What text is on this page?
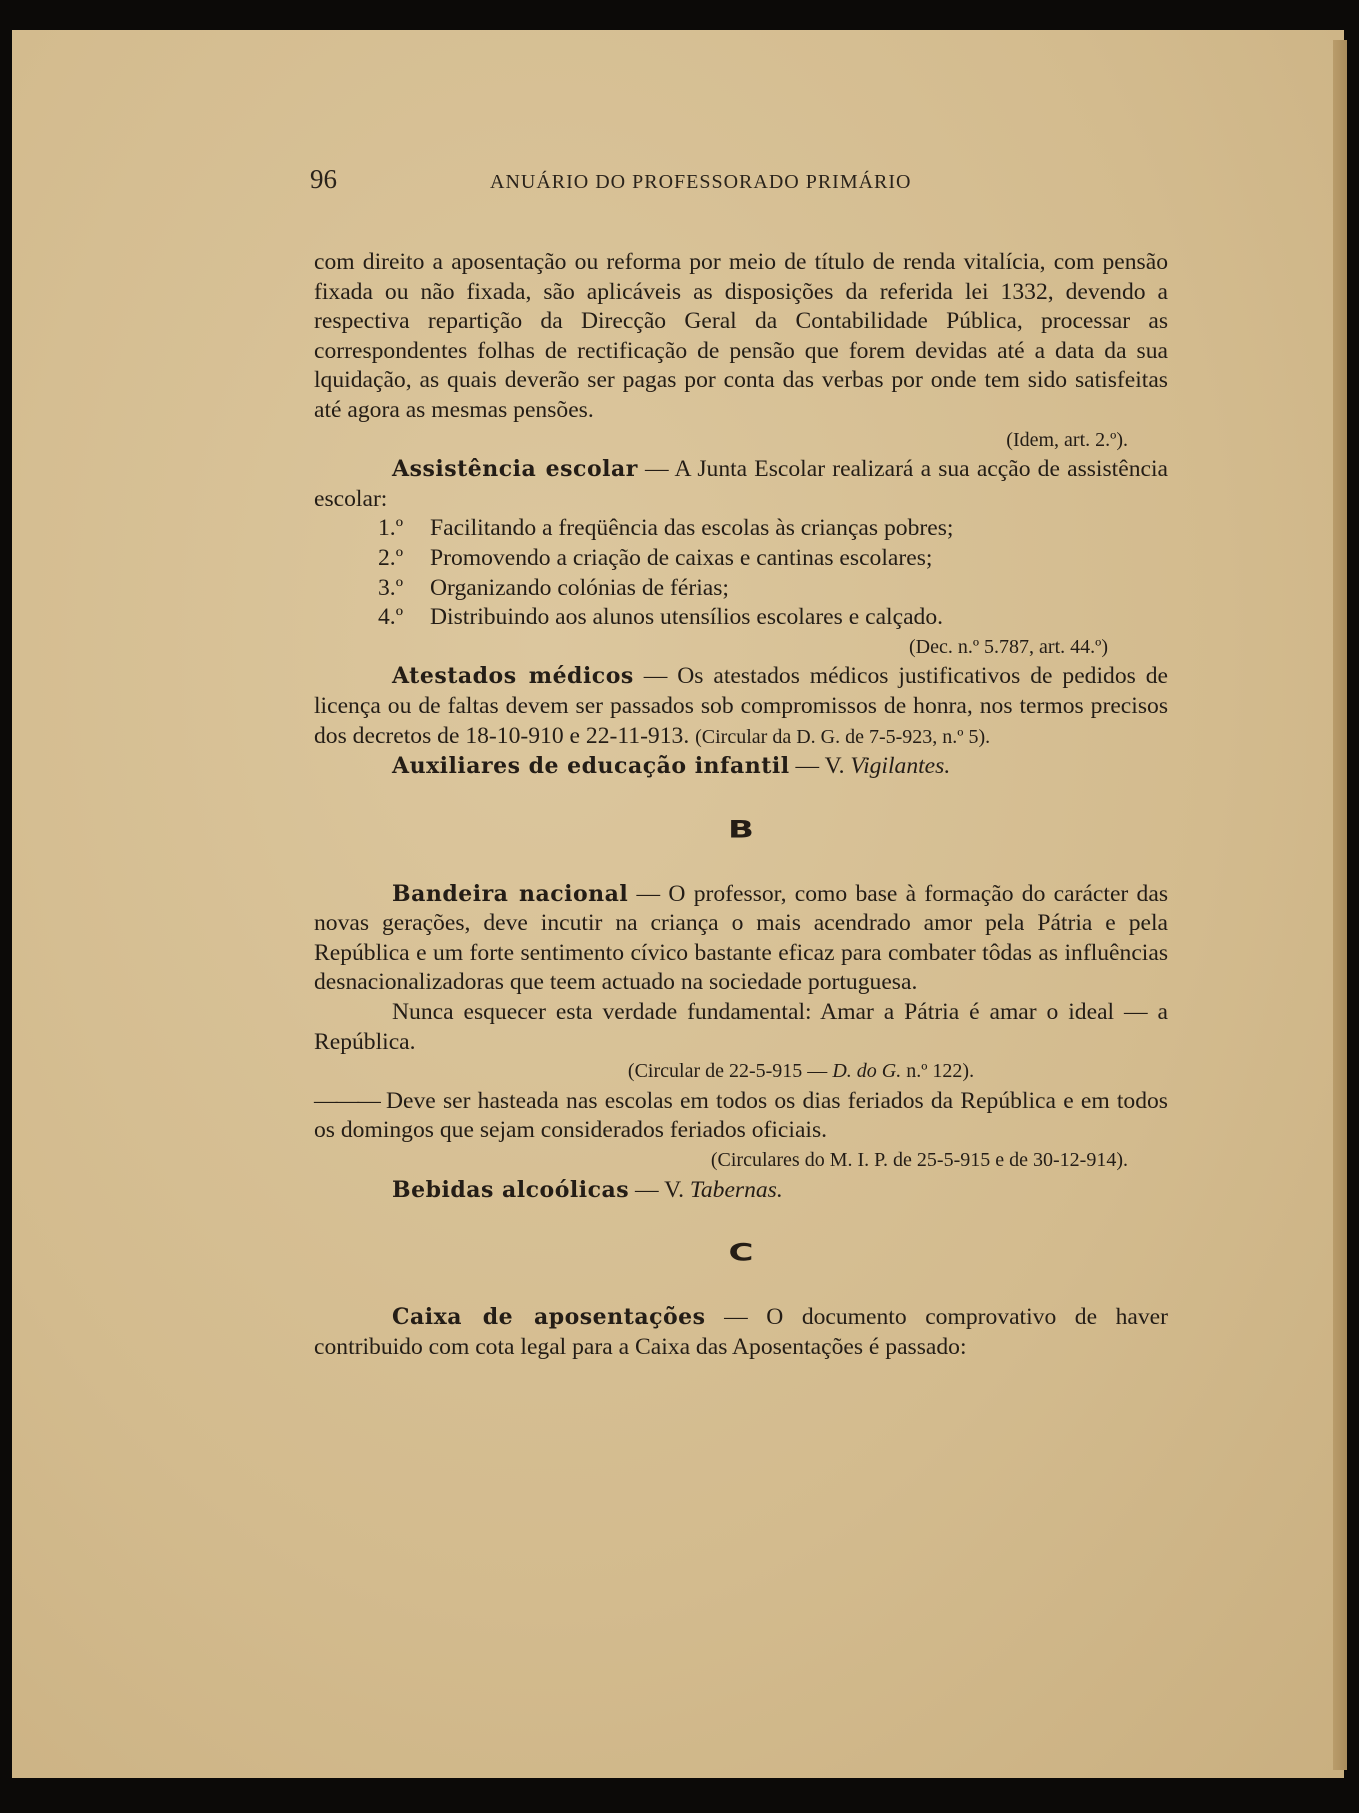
96	ANUÁRIO DO PROFESSORADO PRIMÁRIO

com direito a aposentação ou reforma por meio de título de renda vitalícia, com pensão fixada ou não fixada, são aplicáveis as disposições da referida lei 1332, devendo a respectiva repartição da Direcção Geral da Contabilidade Pública, processar as correspondentes folhas de rectificação de pensão que forem devidas até a data da sua lquidação, as quais deverão ser pagas por conta das verbas por onde tem sido satisfeitas até agora as mesmas pensões.

(Idem, art. 2.º).

Assistência escolar — A Junta Escolar realizará a sua acção de assistência escolar:

1.º Facilitando a freqüência das escolas às crianças pobres;

2.º Promovendo a criação de caixas e cantinas escolares;

3.º Organizando colónias de férias;

4.º Distribuindo aos alunos utensílios escolares e calçado.

(Dec. n.º 5.787, art. 44.º)

Atestados médicos — Os atestados médicos justificativos de pedidos de licença ou de faltas devem ser passados sob compromissos de honra, nos termos precisos dos decretos de 18-10-910 e 22-11-913. (Circular da D. G. de 7-5-923, n.º 5).

Auxiliares de educação infantil — V. Vigilantes.

B

Bandeira nacional — O professor, como base à formação do carácter das novas gerações, deve incutir na criança o mais acendrado amor pela Pátria e pela República e um forte sentimento cívico bastante eficaz para combater tôdas as influências desnacionalizadoras que teem actuado na sociedade portuguesa.

Nunca esquecer esta verdade fundamental: Amar a Pátria é amar o ideal — a República.

(Circular de 22-5-915 — D. do G. n.º 122).

——— Deve ser hasteada nas escolas em todos os dias feriados da República e em todos os domingos que sejam considerados feriados oficiais.

(Circulares do M. I. P. de 25-5-915 e de 30-12-914).

Bebidas alcoólicas — V. Tabernas.

C

Caixa de aposentações — O documento comprovativo de haver contribuido com cota legal para a Caixa das Aposentações é passado:
